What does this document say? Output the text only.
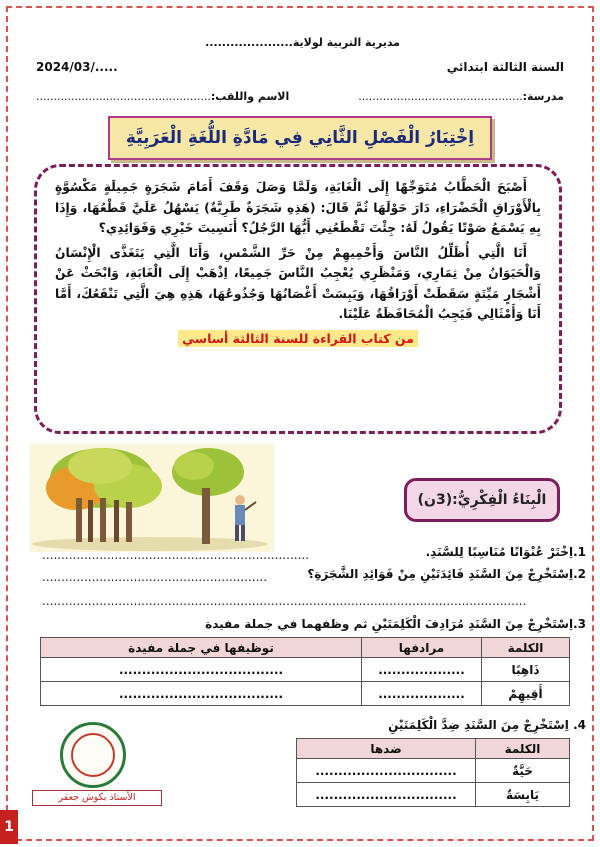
مديرية التربية لولاية.....................
2024/03/.....	السنة الثالثة ابتدائي
مدرسة:...............................................
الاسم واللقب:..................................................
اِخْتِبَارُ الْفَصْلِ الثَّانِي فِي مَادَّةِ اللُّغَةِ الْعَرَبِيَّةِ

أَصْبَحَ الْحَطَّابُ مُتَوَجِّهًا إِلَى الْغَابَةِ، وَلَمَّا وَصَلَ وَقَفَ أَمَامَ شَجَرَةٍ جَمِيلَةٍ مَكْسُوَّةٍ بِالْأَوْرَاقِ الْخَضْرَاءِ، دَارَ حَوْلَهَا ثُمَّ قَالَ: (هَذِهِ شَجَرَةٌ طَرِيَّةٌ) يَسْهُلُ عَلَيَّ قَطْعُهَا، وَإِذَا بِهِ يَسْمَعُ صَوْتًا يَقُولُ لَهُ: جِئْتَ تَقْطَعُنِي أَيُّهَا الرَّجُلُ؟ أَنَسِيتَ خَيْرِي وَفَوَائِدِي؟

أَنَا الَّتِي أُظَلِّلُ النَّاسَ وَأَحْمِيهِمْ مِنْ حَرِّ الشَّمْسِ، وَأَنَا الَّتِي يَتَغَذَّى الْإِنْسَانُ وَالْحَيَوَانُ مِنْ ثِمَارِي، وَمَنْظَرِي يُعْجِبُ النَّاسَ جَمِيعًا، اِذْهَبْ إِلَى الْغَابَةِ، وَابْحَثْ عَنْ أَشْجَارٍ مَيِّتَةٍ سَقَطَتْ أَوْرَاقُهَا، وَيَبِسَتْ أَغْصَانُهَا وَجُذُوعُهَا، هَذِهِ هِيَ الَّتِي تَنْفَعُكَ، أَمَّا أَنَا وَأَمْثَالِي فَيَجِبُ الْمُحَافَظَةُ عَلَيْنَا.

من كتاب القراءة للسنة الثالثة أساسي
الْبِنَاءُ الْفِكْرِيُّ:(3ن)
1.اِخْتَرْ عُنْوَانًا مُنَاسِبًا لِلسَّنَدِ.
......................................................................
2.اِسْتَخْرِجْ مِنَ السَّنَدِ فَائِدَتَيْنِ مِنْ فَوَائِدِ الشَّجَرَةِ؟
...........................................................
...............................................................................................................................
3.اِسْتَخْرِجْ مِنَ السَّنَدِ مُرَادِفَ الْكَلِمَتَيْنِ ثم وظفهما في جملة مفيدة
الكلمة	مرادفها	توظيفها في جملة مفيدة
ذَاهِبًا	...................	....................................
أَقِيهِمْ	...................	....................................
4. اِسْتَخْرِجْ مِنَ السَّنَدِ ضِدَّ الْكَلِمَتَيْنِ
الكلمة	ضدها
حَيَّةٌ	...............................
يَابِسَةٌ	...............................
الأستاذ بكوش جعفر
1
